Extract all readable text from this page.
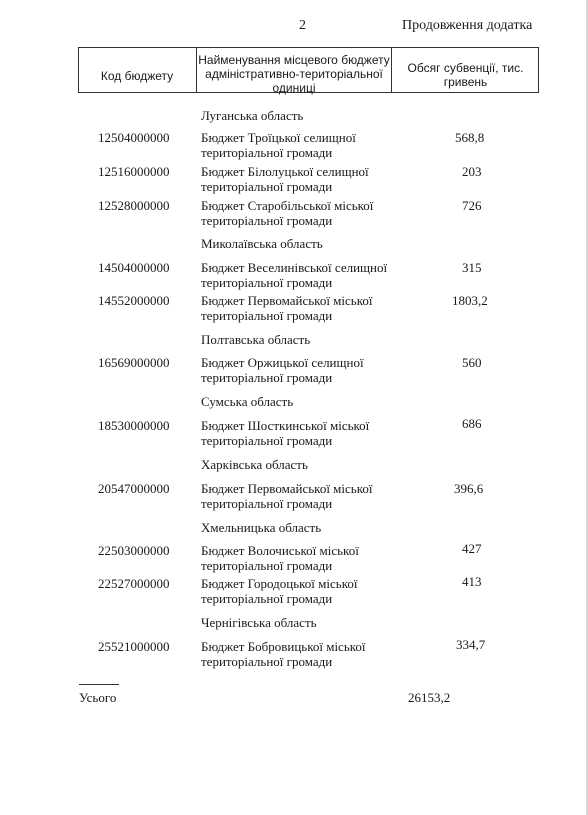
2	Продовження додатка
Код бюджету
Найменування місцевого бюджету адміністративно-територіальної одиниці
Обсяг субвенції, тис. гривень
Луганська область
12504000000 Бюджет Троїцької селищної територіальної громади
568,8
12516000000 Бюджет Білолуцької селищної територіальної громади
203
12528000000 Бюджет Старобільської міської територіальної громади
726
Миколаївська область
14504000000 Бюджет Веселинівської селищної територіальної громади
315
14552000000 Бюджет Первомайської міської територіальної громади
1803,2
Полтавська область
16569000000 Бюджет Оржицької селищної територіальної громади
560
Сумська область
18530000000 Бюджет Шосткинської міської територіальної громади
686
Харківська область
20547000000 Бюджет Первомайської міської територіальної громади
396,6
Хмельницька область
22503000000 Бюджет Волочиської міської територіальної громади
427
22527000000 Бюджет Городоцької міської територіальної громади
413
Чернігівська область
25521000000 Бюджет Бобровицької міської територіальної громади
334,7
Усього	26153,2
